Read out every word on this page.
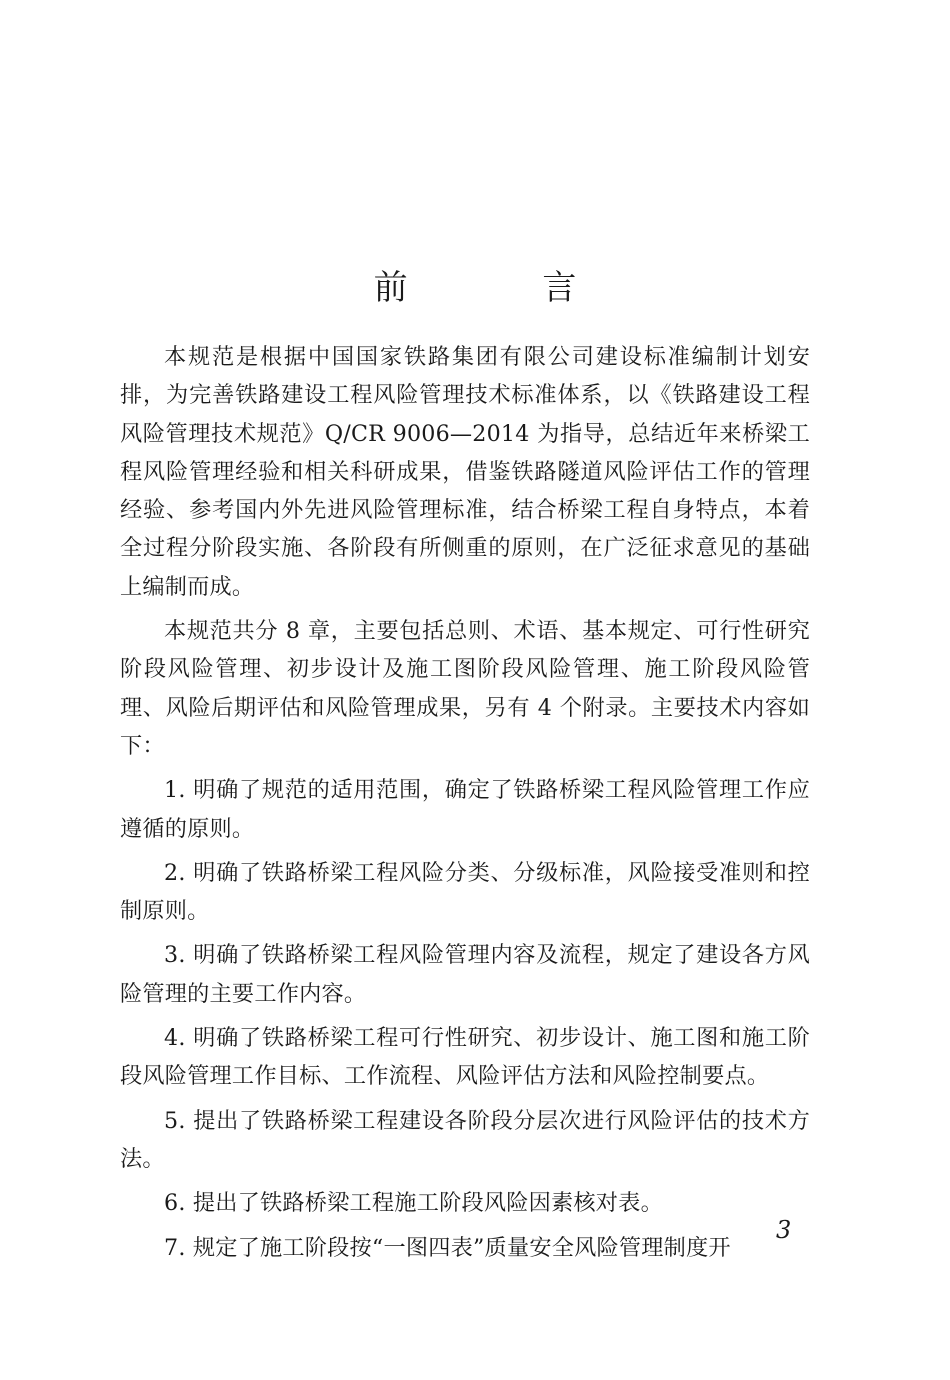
前 言

本规范是根据中国国家铁路集团有限公司建设标准编制计划安排，为完善铁路建设工程风险管理技术标准体系，以《铁路建设工程风险管理技术规范》Q/CR 9006—2014 为指导，总结近年来桥梁工程风险管理经验和相关科研成果，借鉴铁路隧道风险评估工作的管理经验、参考国内外先进风险管理标准，结合桥梁工程自身特点，本着全过程分阶段实施、各阶段有所侧重的原则，在广泛征求意见的基础上编制而成。

本规范共分 8 章，主要包括总则、术语、基本规定、可行性研究阶段风险管理、初步设计及施工图阶段风险管理、施工阶段风险管理、风险后期评估和风险管理成果，另有 4 个附录。主要技术内容如下：

1. 明确了规范的适用范围，确定了铁路桥梁工程风险管理工作应遵循的原则。

2. 明确了铁路桥梁工程风险分类、分级标准，风险接受准则和控制原则。

3. 明确了铁路桥梁工程风险管理内容及流程，规定了建设各方风险管理的主要工作内容。

4. 明确了铁路桥梁工程可行性研究、初步设计、施工图和施工阶段风险管理工作目标、工作流程、风险评估方法和风险控制要点。

5. 提出了铁路桥梁工程建设各阶段分层次进行风险评估的技术方法。

6. 提出了铁路桥梁工程施工阶段风险因素核对表。

7. 规定了施工阶段按“一图四表”质量安全风险管理制度开

3
